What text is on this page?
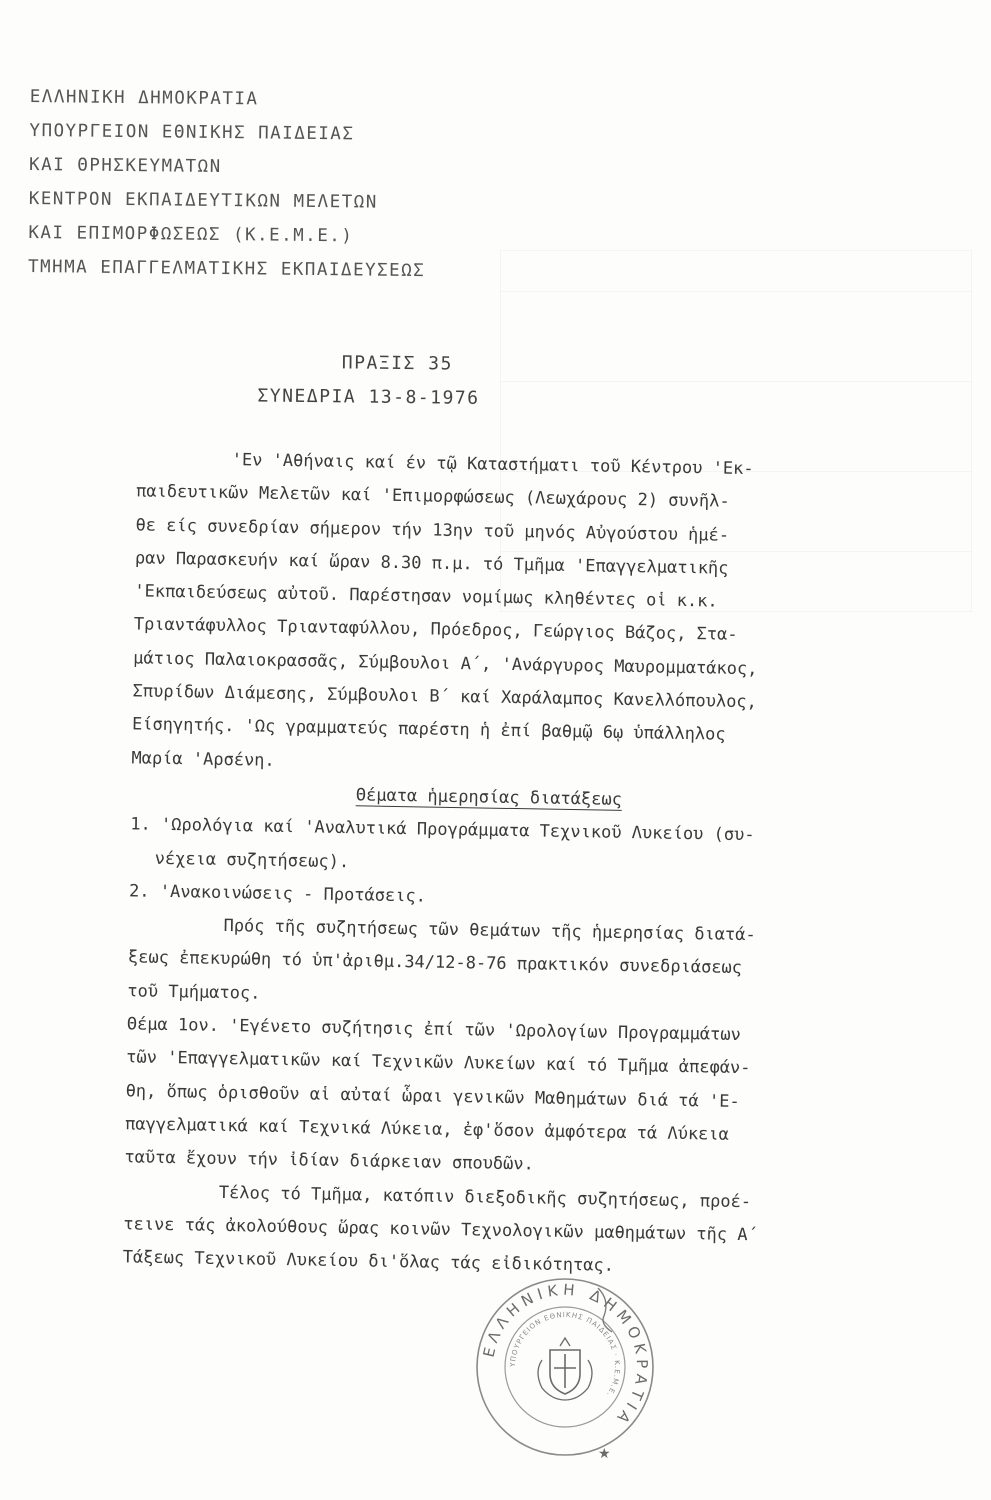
ΕΛΛΗΝΙΚΗ ΔΗΜΟΚΡΑΤΙΑ
ΥΠΟΥΡΓΕΙΟΝ ΕΘΝΙΚΗΣ ΠΑΙΔΕΙΑΣ
ΚΑΙ ΘΡΗΣΚΕΥΜΑΤΩΝ
ΚΕΝΤΡΟΝ ΕΚΠΑΙΔΕΥΤΙΚΩΝ ΜΕΛΕΤΩΝ
ΚΑΙ ΕΠΙΜΟΡΦΩΣΕΩΣ (Κ.Ε.Μ.Ε.)
ΤΜΗΜΑ ΕΠΑΓΓΕΛΜΑΤΙΚΗΣ ΕΚΠΑΙΔΕΥΣΕΩΣ
ΠΡΑΞΙΣ 35
ΣΥΝΕΔΡΙΑ 13-8-1976
'Εν 'Αθήναις καί έν τῷ Καταστήματι τοῦ Κέντρου 'Εκ-
παιδευτικῶν Μελετῶν καί 'Επιμορφώσεως (Λεωχάρους 2) συνῆλ-
θε είς συνεδρίαν σήμερον τήν 13ην τοῦ μηνός Αὐγούστου ἡμέ-
ραν Παρασκευήν καί ὥραν 8.30 π.μ. τό Τμῆμα 'Επαγγελματικῆς
'Εκπαιδεύσεως αὐτοῦ. Παρέστησαν νομίμως κληθέντες οἱ κ.κ.
Τριαντάφυλλος Τριανταφύλλου, Πρόεδρος, Γεώργιος Βάζος, Στα-
μάτιος Παλαιοκρασσᾶς, Σύμβουλοι Α΄, 'Ανάργυρος Μαυρομματάκος,
Σπυρίδων Διάμεσης, Σύμβουλοι Β΄ καί Χαράλαμπος Κανελλόπουλος,
Είσηγητής. 'Ως γραμματεύς παρέστη ἡ ἐπί βαθμῷ 6ῳ ὑπάλληλος
Μαρία 'Αρσένη.
Θέματα ἡμερησίας διατάξεως
1. 'Ωρολόγια καί 'Αναλυτικά Προγράμματα Τεχνικοῦ Λυκείου (συ-
νέχεια συζητήσεως).
2. 'Ανακοινώσεις - Προτάσεις.
Πρός τῆς συζητήσεως τῶν θεμάτων τῆς ἡμερησίας διατά-
ξεως ἐπεκυρώθη τό ὑπ'ἀριθμ.34/12-8-76 πρακτικόν συνεδριάσεως
τοῦ Τμήματος.
Θέμα 1ον. 'Εγένετο συζήτησις ἐπί τῶν 'Ωρολογίων Προγραμμάτων
τῶν 'Επαγγελματικῶν καί Τεχνικῶν Λυκείων καί τό Τμῆμα ἀπεφάν-
θη, ὅπως ὁρισθοῦν αἱ αὐταί ὧραι γενικῶν Μαθημάτων διά τά 'Ε-
παγγελματικά καί Τεχνικά Λύκεια, ἐφ'ὅσον ἀμφότερα τά Λύκεια
ταῦτα ἔχουν τήν ἰδίαν διάρκειαν σπουδῶν.
Τέλος τό Τμῆμα, κατόπιν διεξοδικῆς συζητήσεως, προέ-
τεινε τάς ἀκολούθους ὥρας κοινῶν Τεχνολογικῶν μαθημάτων τῆς Α΄
Τάξεως Τεχνικοῦ Λυκείου δι'ὅλας τάς εἰδικότητας.
ΕΛΛΗΝΙΚΗ ΔΗΜΟΚΡΑΤΙΑ
ΥΠΟΥΡΓΕΙΟΝ ΕΘΝΙΚΗΣ ΠΑΙΔΕΙΑΣ · Κ.Ε.Μ.Ε.
★
